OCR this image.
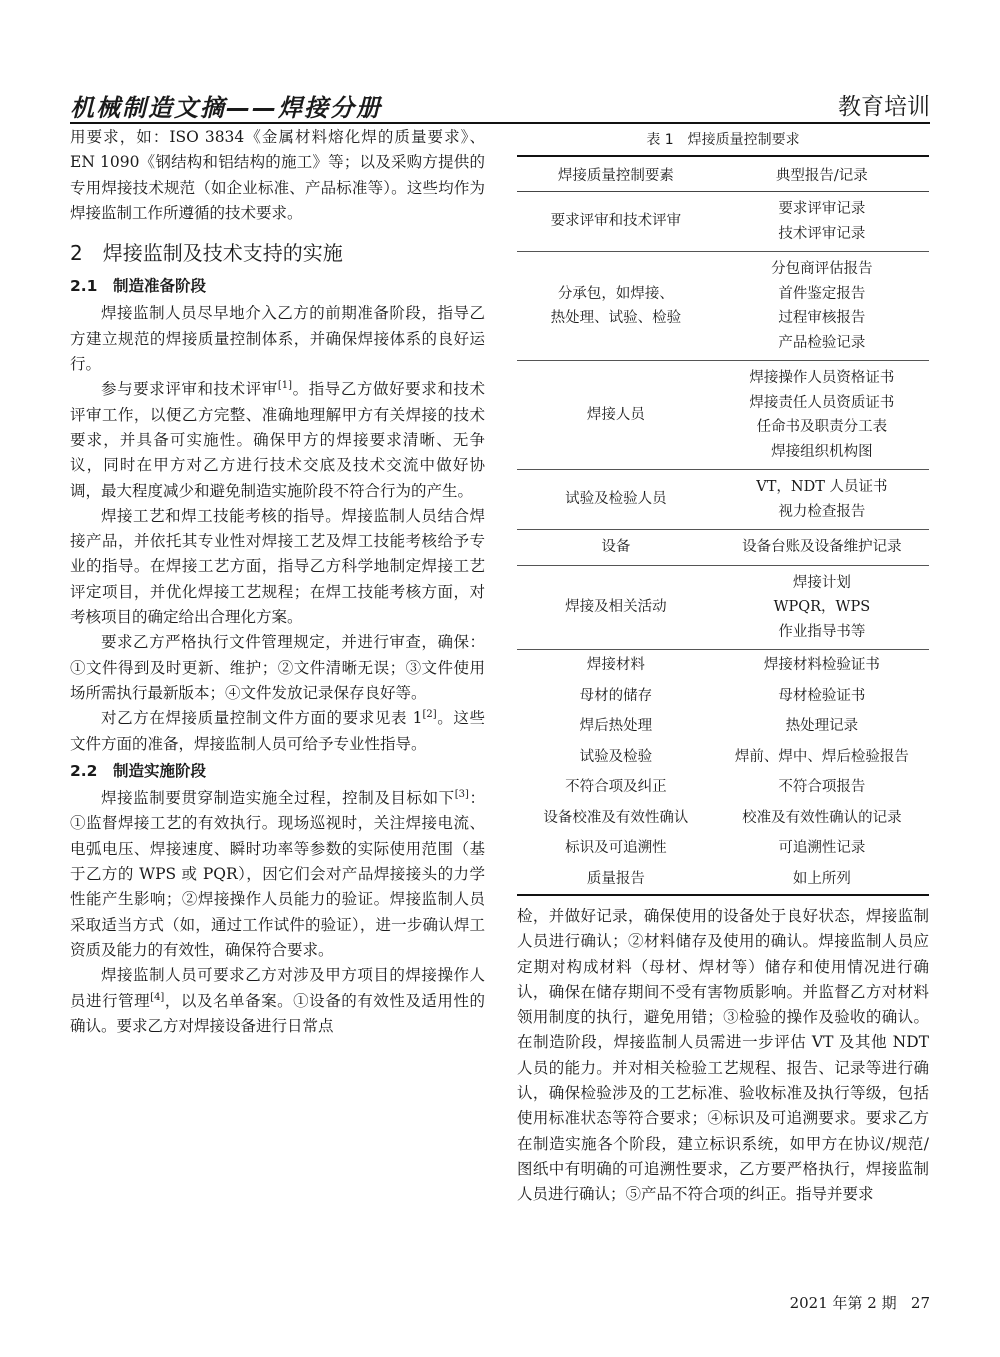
机械制造文摘——焊接分册	教育培训

用要求，如：ISO 3834《金属材料熔化焊的质量要求》、EN 1090《钢结构和铝结构的施工》等；以及采购方提供的专用焊接技术规范（如企业标准、产品标准等）。这些均作为焊接监制工作所遵循的技术要求。

2　焊接监制及技术支持的实施
2.1　制造准备阶段

焊接监制人员尽早地介入乙方的前期准备阶段，指导乙方建立规范的焊接质量控制体系，并确保焊接体系的良好运行。

参与要求评审和技术评审[1]。指导乙方做好要求和技术评审工作，以便乙方完整、准确地理解甲方有关焊接的技术要求，并具备可实施性。确保甲方的焊接要求清晰、无争议，同时在甲方对乙方进行技术交底及技术交流中做好协调，最大程度减少和避免制造实施阶段不符合行为的产生。

焊接工艺和焊工技能考核的指导。焊接监制人员结合焊接产品，并依托其专业性对焊接工艺及焊工技能考核给予专业的指导。在焊接工艺方面，指导乙方科学地制定焊接工艺评定项目，并优化焊接工艺规程；在焊工技能考核方面，对考核项目的确定给出合理化方案。

要求乙方严格执行文件管理规定，并进行审查，确保：①文件得到及时更新、维护；②文件清晰无误；③文件使用场所需执行最新版本；④文件发放记录保存良好等。

对乙方在焊接质量控制文件方面的要求见表 1[2]。这些文件方面的准备，焊接监制人员可给予专业性指导。

2.2　制造实施阶段

焊接监制要贯穿制造实施全过程，控制及目标如下[3]：①监督焊接工艺的有效执行。现场巡视时，关注焊接电流、电弧电压、焊接速度、瞬时功率等参数的实际使用范围（基于乙方的 WPS 或 PQR），因它们会对产品焊接接头的力学性能产生影响；②焊接操作人员能力的验证。焊接监制人员采取适当方式（如，通过工作试件的验证），进一步确认焊工资质及能力的有效性，确保符合要求。

焊接监制人员可要求乙方对涉及甲方项目的焊接操作人员进行管理[4]，以及名单备案。①设备的有效性及适用性的确认。要求乙方对焊接设备进行日常点

表 1　焊接质量控制要求
焊接质量控制要素	典型报告/记录

要求评审和技术评审	要求评审记录
技术评审记录

分承包，如焊接、
热处理、试验、检验	分包商评估报告
首件鉴定报告
过程审核报告
产品检验记录

焊接人员	焊接操作人员资格证书
焊接责任人员资质证书
任命书及职责分工表
焊接组织机构图

试验及检验人员	VT，NDT 人员证书
视力检查报告

设备	设备台账及设备维护记录

焊接及相关活动	焊接计划
WPQR，WPS
作业指导书等

焊接材料	焊接材料检验证书

母材的储存	母材检验证书

焊后热处理	热处理记录

试验及检验	焊前、焊中、焊后检验报告

不符合项及纠正	不符合项报告

设备校准及有效性确认	校准及有效性确认的记录

标识及可追溯性	可追溯性记录

质量报告	如上所列

检，并做好记录，确保使用的设备处于良好状态，焊接监制人员进行确认；②材料储存及使用的确认。焊接监制人员应定期对构成材料（母材、焊材等）储存和使用情况进行确认，确保在储存期间不受有害物质影响。并监督乙方对材料领用制度的执行，避免用错；③检验的操作及验收的确认。在制造阶段，焊接监制人员需进一步评估 VT 及其他 NDT 人员的能力。并对相关检验工艺规程、报告、记录等进行确认，确保检验涉及的工艺标准、验收标准及执行等级，包括使用标准状态等符合要求；④标识及可追溯要求。要求乙方在制造实施各个阶段，建立标识系统，如甲方在协议/规范/图纸中有明确的可追溯性要求，乙方要严格执行，焊接监制人员进行确认；⑤产品不符合项的纠正。指导并要求

2021 年第 2 期 27
